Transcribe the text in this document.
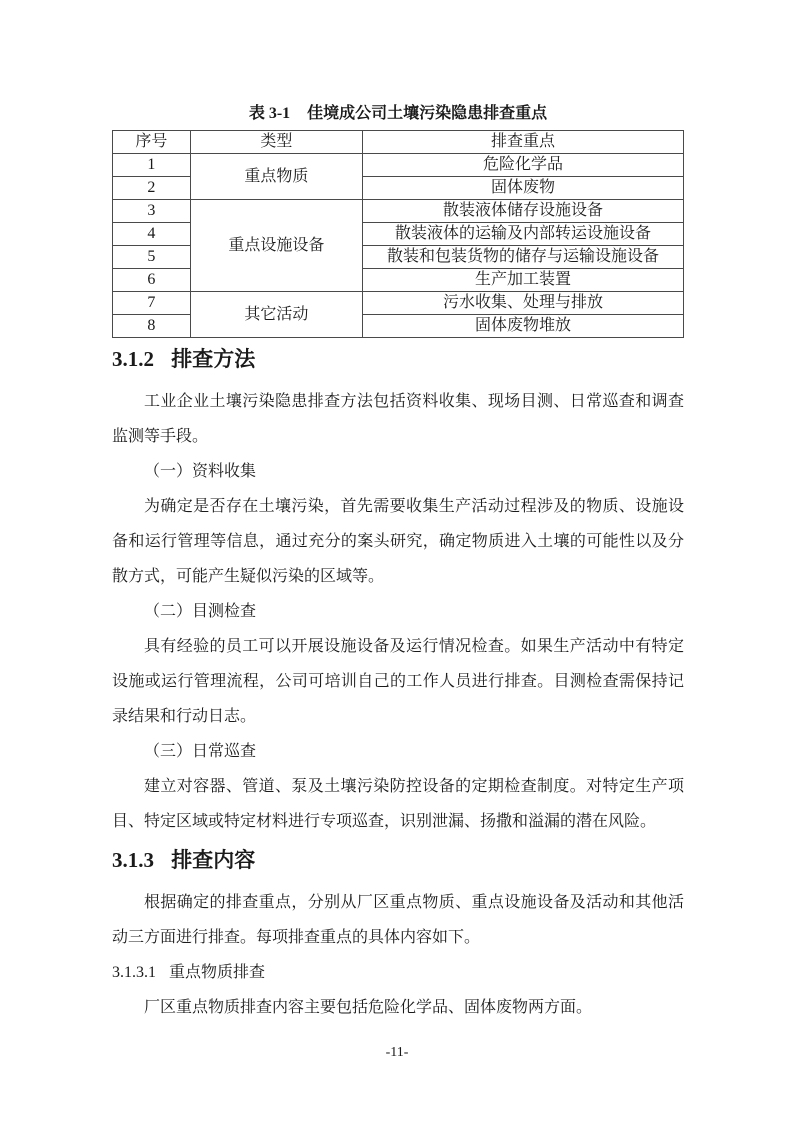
表 3-1 佳境成公司土壤污染隐患排查重点
序号	类型	排查重点
1	重点物质	危险化学品
2		固体废物
3	重点设施设备	散装液体储存设施设备
4		散装液体的运输及内部转运设施设备
5		散装和包装货物的储存与运输设施设备
6		生产加工装置
7	其它活动	污水收集、处理与排放
8		固体废物堆放
3.1.2 排查方法

工业企业土壤污染隐患排查方法包括资料收集、现场目测、日常巡查和调查监测等手段。

（一）资料收集

为确定是否存在土壤污染，首先需要收集生产活动过程涉及的物质、设施设备和运行管理等信息，通过充分的案头研究，确定物质进入土壤的可能性以及分散方式，可能产生疑似污染的区域等。

（二）目测检查

具有经验的员工可以开展设施设备及运行情况检查。如果生产活动中有特定设施或运行管理流程，公司可培训自己的工作人员进行排查。目测检查需保持记录结果和行动日志。

（三）日常巡查

建立对容器、管道、泵及土壤污染防控设备的定期检查制度。对特定生产项目、特定区域或特定材料进行专项巡查，识别泄漏、扬撒和溢漏的潜在风险。

3.1.3 排查内容

根据确定的排查重点，分别从厂区重点物质、重点设施设备及活动和其他活动三方面进行排查。每项排查重点的具体内容如下。

3.1.3.1 重点物质排查

厂区重点物质排查内容主要包括危险化学品、固体废物两方面。

-11-
